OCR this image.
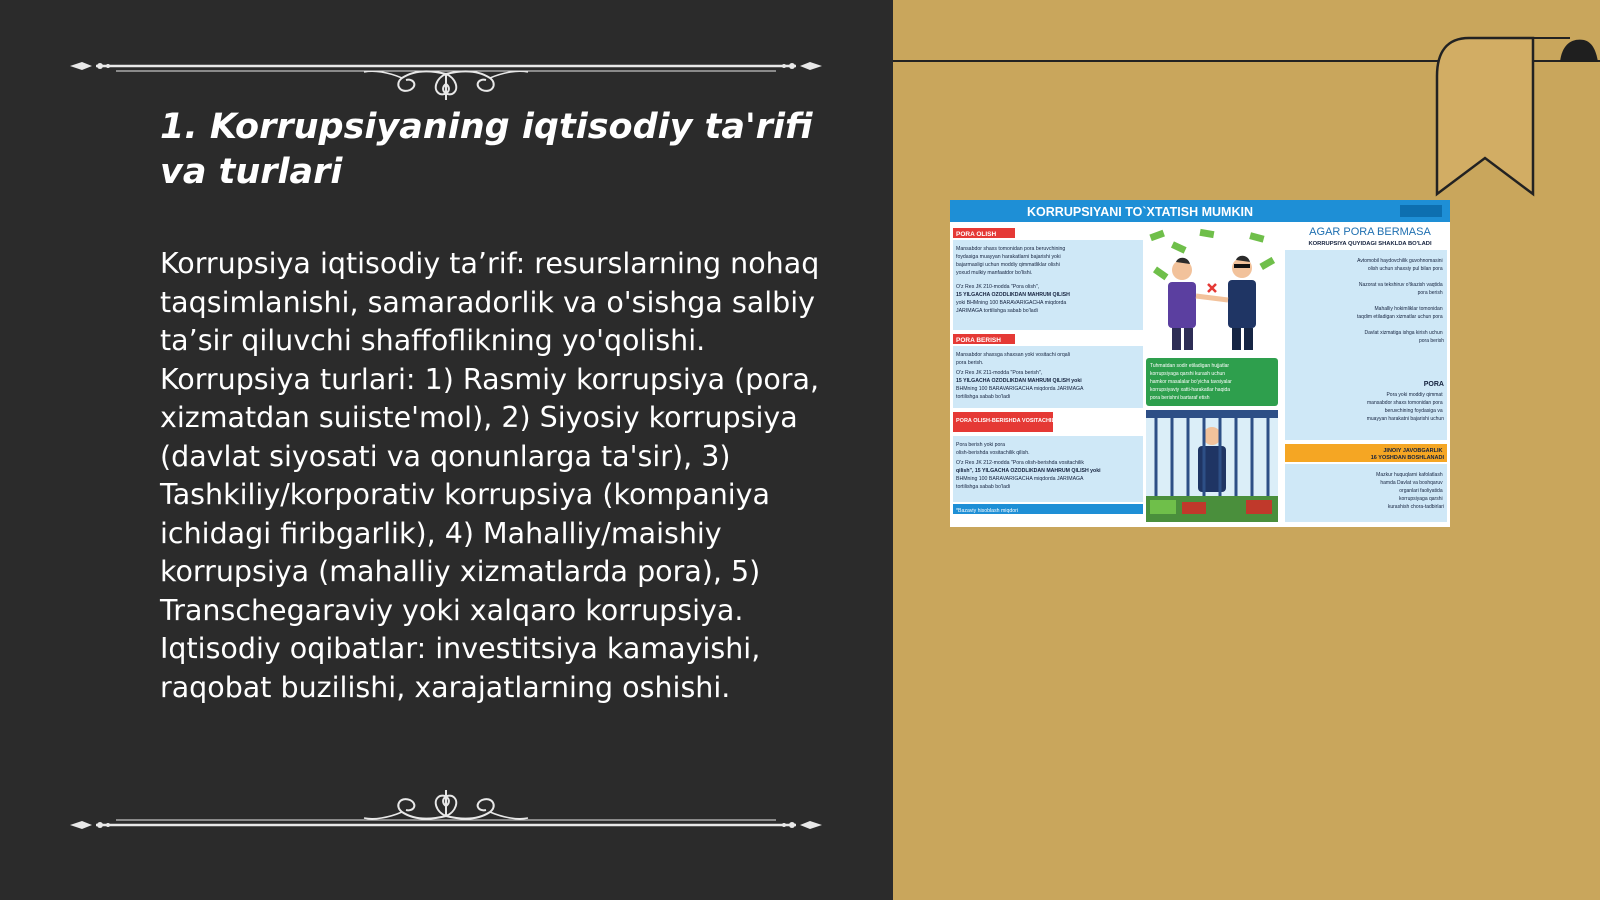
1. Korrupsiyaning iqtisodiy ta'rifi va turlari

Korrupsiya iqtisodiy ta’rif: resurslarning nohaq taqsimlanishi, samaradorlik va o'sishga salbiy ta’sir qiluvchi shaffoflikning yo'qolishi. Korrupsiya turlari: 1) Rasmiy korrupsiya (pora, xizmatdan suiiste'mol), 2) Siyosiy korrupsiya (davlat siyosati va qonunlarga ta'sir), 3) Tashkiliy/korporativ korrupsiya (kompaniya ichidagi firibgarlik), 4) Mahalliy/maishiy korrupsiya (mahalliy xizmatlarda pora), 5) Transchegaraviy yoki xalqaro korrupsiya. Iqtisodiy oqibatlar: investitsiya kamayishi, raqobat buzilishi, xarajatlarning oshishi.

KORRUPSIYANI TO`XTATISH MUMKIN
PORA OLISH
Mansabdor shaxs tomonidan pora beruvchining foydasiga muayyan harakatlarni bajarishi yoki bajarmasligi uchun moddiy qimmatliklar olishi yoxud mulkiy manfaatdor bo'lishi. O'z Res JK 210-modda "Pora olish", 15 YILGACHA OZODLIKDAN MAHRUM QILISH yoki BHMning 100 BARAVARIGACHA miqdorda JARIMAGA tortilishga sabab bo'ladi
PORA BERISH
Mansabdor shaxsga shaxsan yoki vositachi orqali pora berish. O'z Res JK 211-modda "Pora berish", 15 YILGACHA OZODLIKDAN MAHRUM QILISH yoki BHMning 100 BARAVARIGACHA miqdorda JARIMAGA tortilishga sabab bo'ladi
PORA OLISH-BERISHDA VOSITACHILIK QILISH
Pora berish yoki pora olish-berishda vositachilik qilish. O'z Res JK 212-modda "Pora olish-berishda vositachilik qilish", 15 YILGACHA OZODLIKDAN MAHRUM QILISH yoki BHMning 100 BARAVARIGACHA miqdorda JARIMAGA tortilishga sabab bo'ladi
*Bazaviy hisoblash miqdori
Tuhmatdan sodir etiladigan hujjatlar korrupsiyaga qarshi kurash uchun hamkor masalalar bo'yicha tavsiyalar korrupsiyaviy xatti-harakatlar haqida pora berishni bartaraf etish
AGAR PORA BERMASA
KORRUPSIYA QUYIDAGI SHAKLDA BO'LADI
Avtomobil haydovchilik guvohnomasini olish uchun shaxsiy pul bilan pora Nazorat va tekshiruv o'tkazish vaqtida pora berish Mahalliy hokimliklar tomonidan taqdim etiladigan xizmatlar uchun pora Davlat xizmatiga ishga kirish uchun pora berish
PORA
Pora yoki moddiy qimmat mansabdor shaxs tomonidan pora beruvchining foydasiga va muayyan harakatni bajarishi uchun
JINOIY JAVOBGARLIK 16 YOSHDAN BOSHLANADI
Mazkur huquqlarni kafolatlash hamda Davlat va boshqaruv organlari faoliyatida korrupsiyaga qarshi kurashish chora-tadbirlari
